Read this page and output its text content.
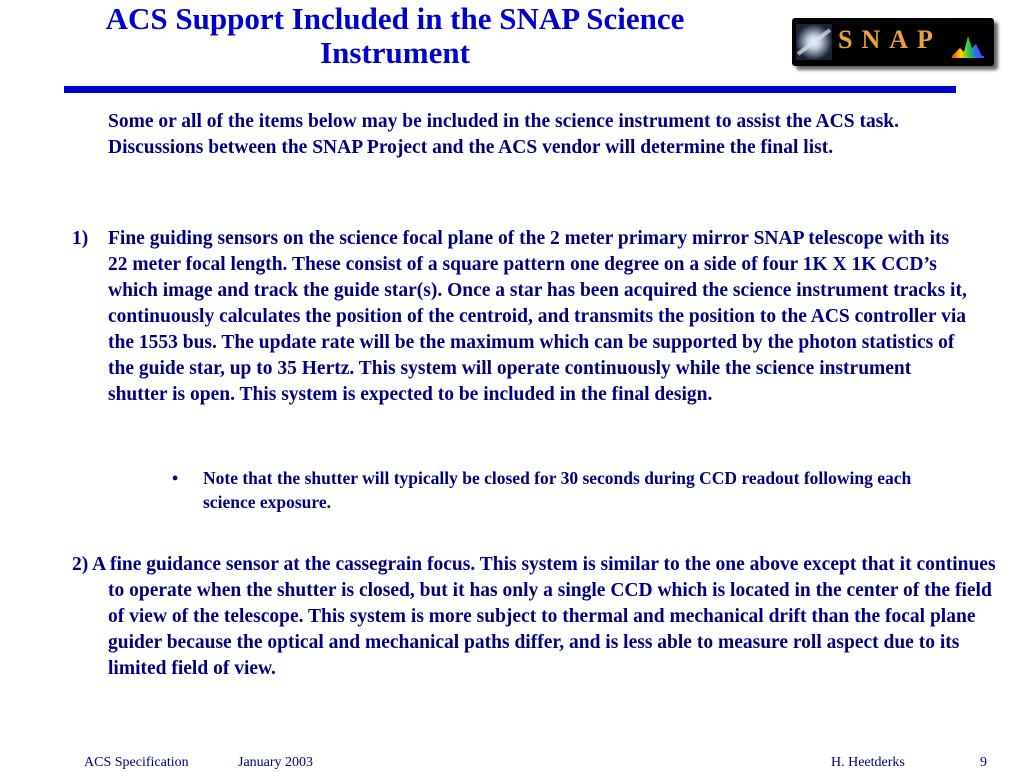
ACS Support Included in the SNAP Science
Instrument	SNAP
Some or all of the items below may be included in the science instrument to assist the ACS task. Discussions between the SNAP Project and the ACS vendor will determine the final list.
1) Fine guiding sensors on the science focal plane of the 2 meter primary mirror SNAP telescope with its 22 meter focal length. These consist of a square pattern one degree on a side of four 1K X 1K CCD’s which image and track the guide star(s). Once a star has been acquired the science instrument tracks it, continuously calculates the position of the centroid, and transmits the position to the ACS controller via the 1553 bus. The update rate will be the maximum which can be supported by the photon statistics of the guide star, up to 35 Hertz. This system will operate continuously while the science instrument shutter is open. This system is expected to be included in the final design.
• Note that the shutter will typically be closed for 30 seconds during CCD readout following each science exposure.
2) A fine guidance sensor at the cassegrain focus. This system is similar to the one above except that it continues to operate when the shutter is closed, but it has only a single CCD which is located in the center of the field of view of the telescope. This system is more subject to thermal and mechanical drift than the focal plane guider because the optical and mechanical paths differ, and is less able to measure roll aspect due to its limited field of view.
ACS Specification	January 2003	H. Heetderks	9
